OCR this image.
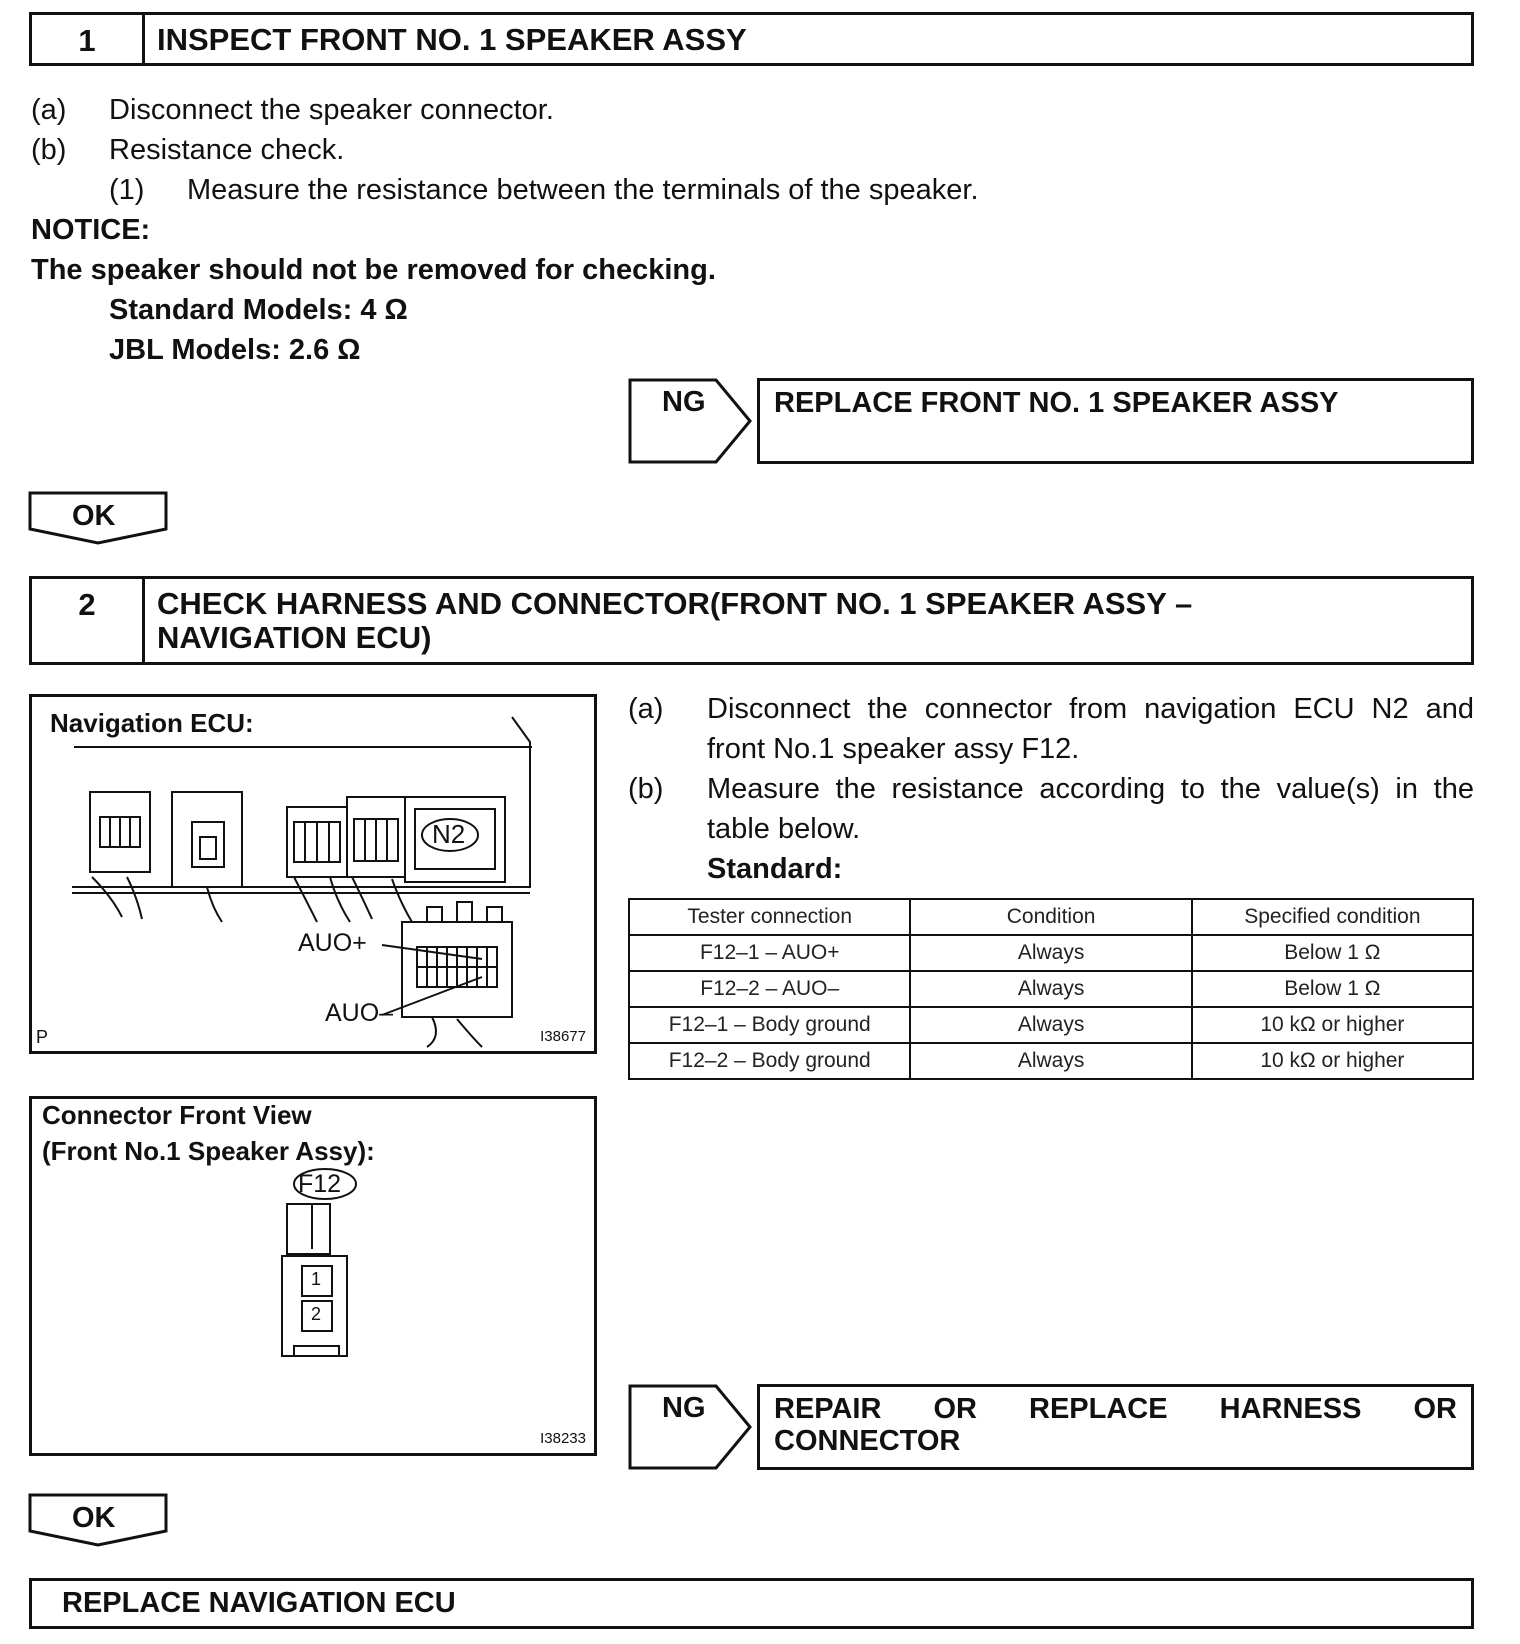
1	INSPECT FRONT NO. 1 SPEAKER ASSY
(a) Disconnect the speaker connector.
(b) Resistance check.
(1) Measure the resistance between the terminals of the speaker.
NOTICE:
The speaker should not be removed for checking.
Standard Models: 4 Ω
JBL Models: 2.6 Ω
NG	REPLACE FRONT NO. 1 SPEAKER ASSY
OK
2	CHECK HARNESS AND CONNECTOR(FRONT NO. 1 SPEAKER ASSY –
NAVIGATION ECU)
Navigation ECU:
N2
AUO+
AUO–
P	I38677
Connector Front View
(Front No.1 Speaker Assy):
F12
1
2
I38233
(a) Disconnect the connector from navigation ECU N2 and
front No.1 speaker assy F12.
(b) Measure the resistance according to the value(s) in the
table below.
Standard:
Tester connection	Condition	Specified condition
F12–1 – AUO+	Always	Below 1 Ω
F12–2 – AUO–	Always	Below 1 Ω
F12–1 – Body ground	Always	10 kΩ or higher
F12–2 – Body ground	Always	10 kΩ or higher
NG REPAIR OR REPLACE HARNESS OR
CONNECTOR
OK
REPLACE NAVIGATION ECU
